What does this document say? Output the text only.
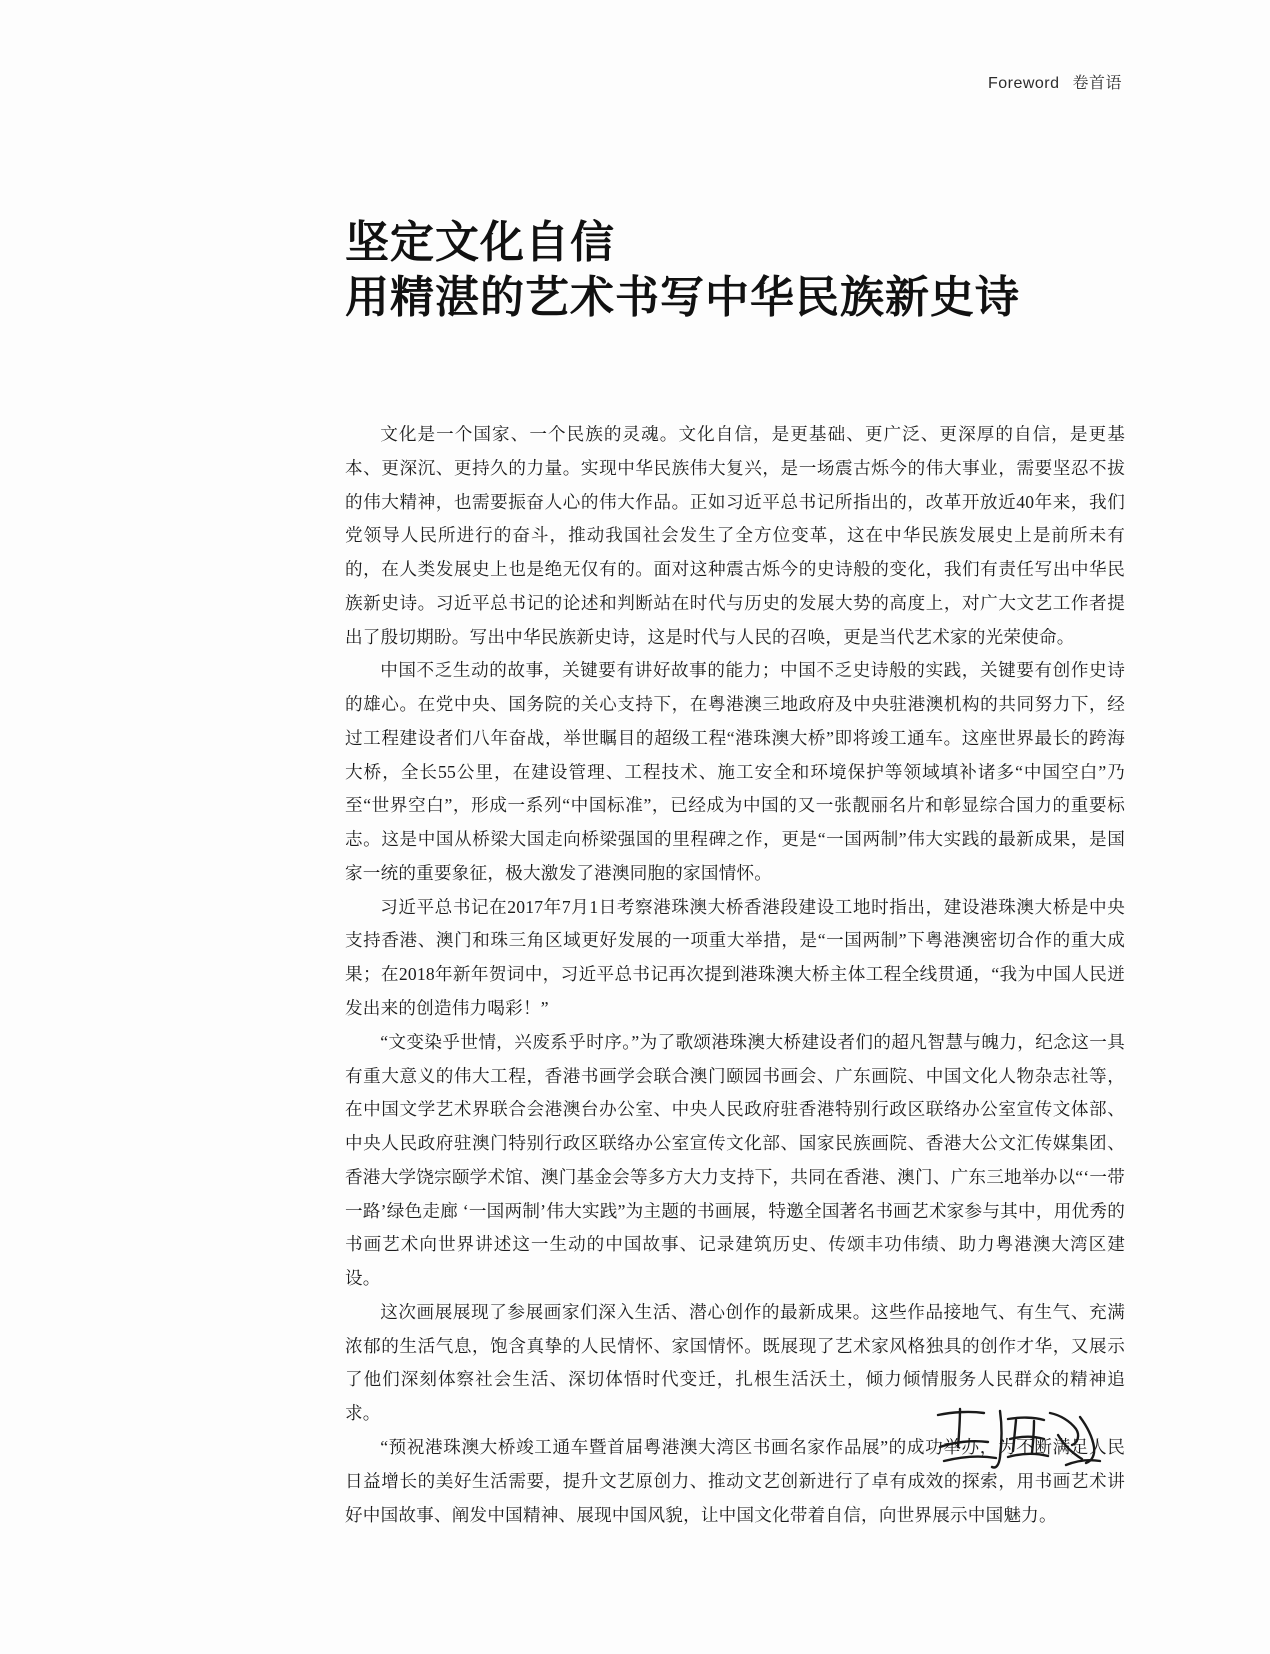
Foreword 卷首语
坚定文化自信
用精湛的艺术书写中华民族新史诗

文化是一个国家、一个民族的灵魂。文化自信，是更基础、更广泛、更深厚的自信，是更基本、更深沉、更持久的力量。实现中华民族伟大复兴，是一场震古烁今的伟大事业，需要坚忍不拔的伟大精神，也需要振奋人心的伟大作品。正如习近平总书记所指出的，改革开放近40年来，我们党领导人民所进行的奋斗，推动我国社会发生了全方位变革，这在中华民族发展史上是前所未有的，在人类发展史上也是绝无仅有的。面对这种震古烁今的史诗般的变化，我们有责任写出中华民族新史诗。习近平总书记的论述和判断站在时代与历史的发展大势的高度上，对广大文艺工作者提出了殷切期盼。写出中华民族新史诗，这是时代与人民的召唤，更是当代艺术家的光荣使命。

中国不乏生动的故事，关键要有讲好故事的能力；中国不乏史诗般的实践，关键要有创作史诗的雄心。在党中央、国务院的关心支持下，在粤港澳三地政府及中央驻港澳机构的共同努力下，经过工程建设者们八年奋战，举世瞩目的超级工程“港珠澳大桥”即将竣工通车。这座世界最长的跨海大桥，全长55公里，在建设管理、工程技术、施工安全和环境保护等领域填补诸多“中国空白”乃至“世界空白”，形成一系列“中国标准”，已经成为中国的又一张靓丽名片和彰显综合国力的重要标志。这是中国从桥梁大国走向桥梁强国的里程碑之作，更是“一国两制”伟大实践的最新成果，是国家一统的重要象征，极大激发了港澳同胞的家国情怀。

习近平总书记在2017年7月1日考察港珠澳大桥香港段建设工地时指出，建设港珠澳大桥是中央支持香港、澳门和珠三角区域更好发展的一项重大举措，是“一国两制”下粤港澳密切合作的重大成果；在2018年新年贺词中，习近平总书记再次提到港珠澳大桥主体工程全线贯通，“我为中国人民迸发出来的创造伟力喝彩！”

“文变染乎世情，兴废系乎时序。”为了歌颂港珠澳大桥建设者们的超凡智慧与魄力，纪念这一具有重大意义的伟大工程，香港书画学会联合澳门颐园书画会、广东画院、中国文化人物杂志社等，在中国文学艺术界联合会港澳台办公室、中央人民政府驻香港特别行政区联络办公室宣传文体部、中央人民政府驻澳门特别行政区联络办公室宣传文化部、国家民族画院、香港大公文汇传媒集团、香港大学饶宗颐学术馆、澳门基金会等多方大力支持下，共同在香港、澳门、广东三地举办以“‘一带一路’绿色走廊 ‘一国两制’伟大实践”为主题的书画展，特邀全国著名书画艺术家参与其中，用优秀的书画艺术向世界讲述这一生动的中国故事、记录建筑历史、传颂丰功伟绩、助力粤港澳大湾区建设。

这次画展展现了参展画家们深入生活、潜心创作的最新成果。这些作品接地气、有生气、充满浓郁的生活气息，饱含真挚的人民情怀、家国情怀。既展现了艺术家风格独具的创作才华，又展示了他们深刻体察社会生活、深切体悟时代变迁，扎根生活沃土，倾力倾情服务人民群众的精神追求。

“预祝港珠澳大桥竣工通车暨首届粤港澳大湾区书画名家作品展”的成功举办，为不断满足人民日益增长的美好生活需要，提升文艺原创力、推动文艺创新进行了卓有成效的探索，用书画艺术讲好中国故事、阐发中国精神、展现中国风貌，让中国文化带着自信，向世界展示中国魅力。
